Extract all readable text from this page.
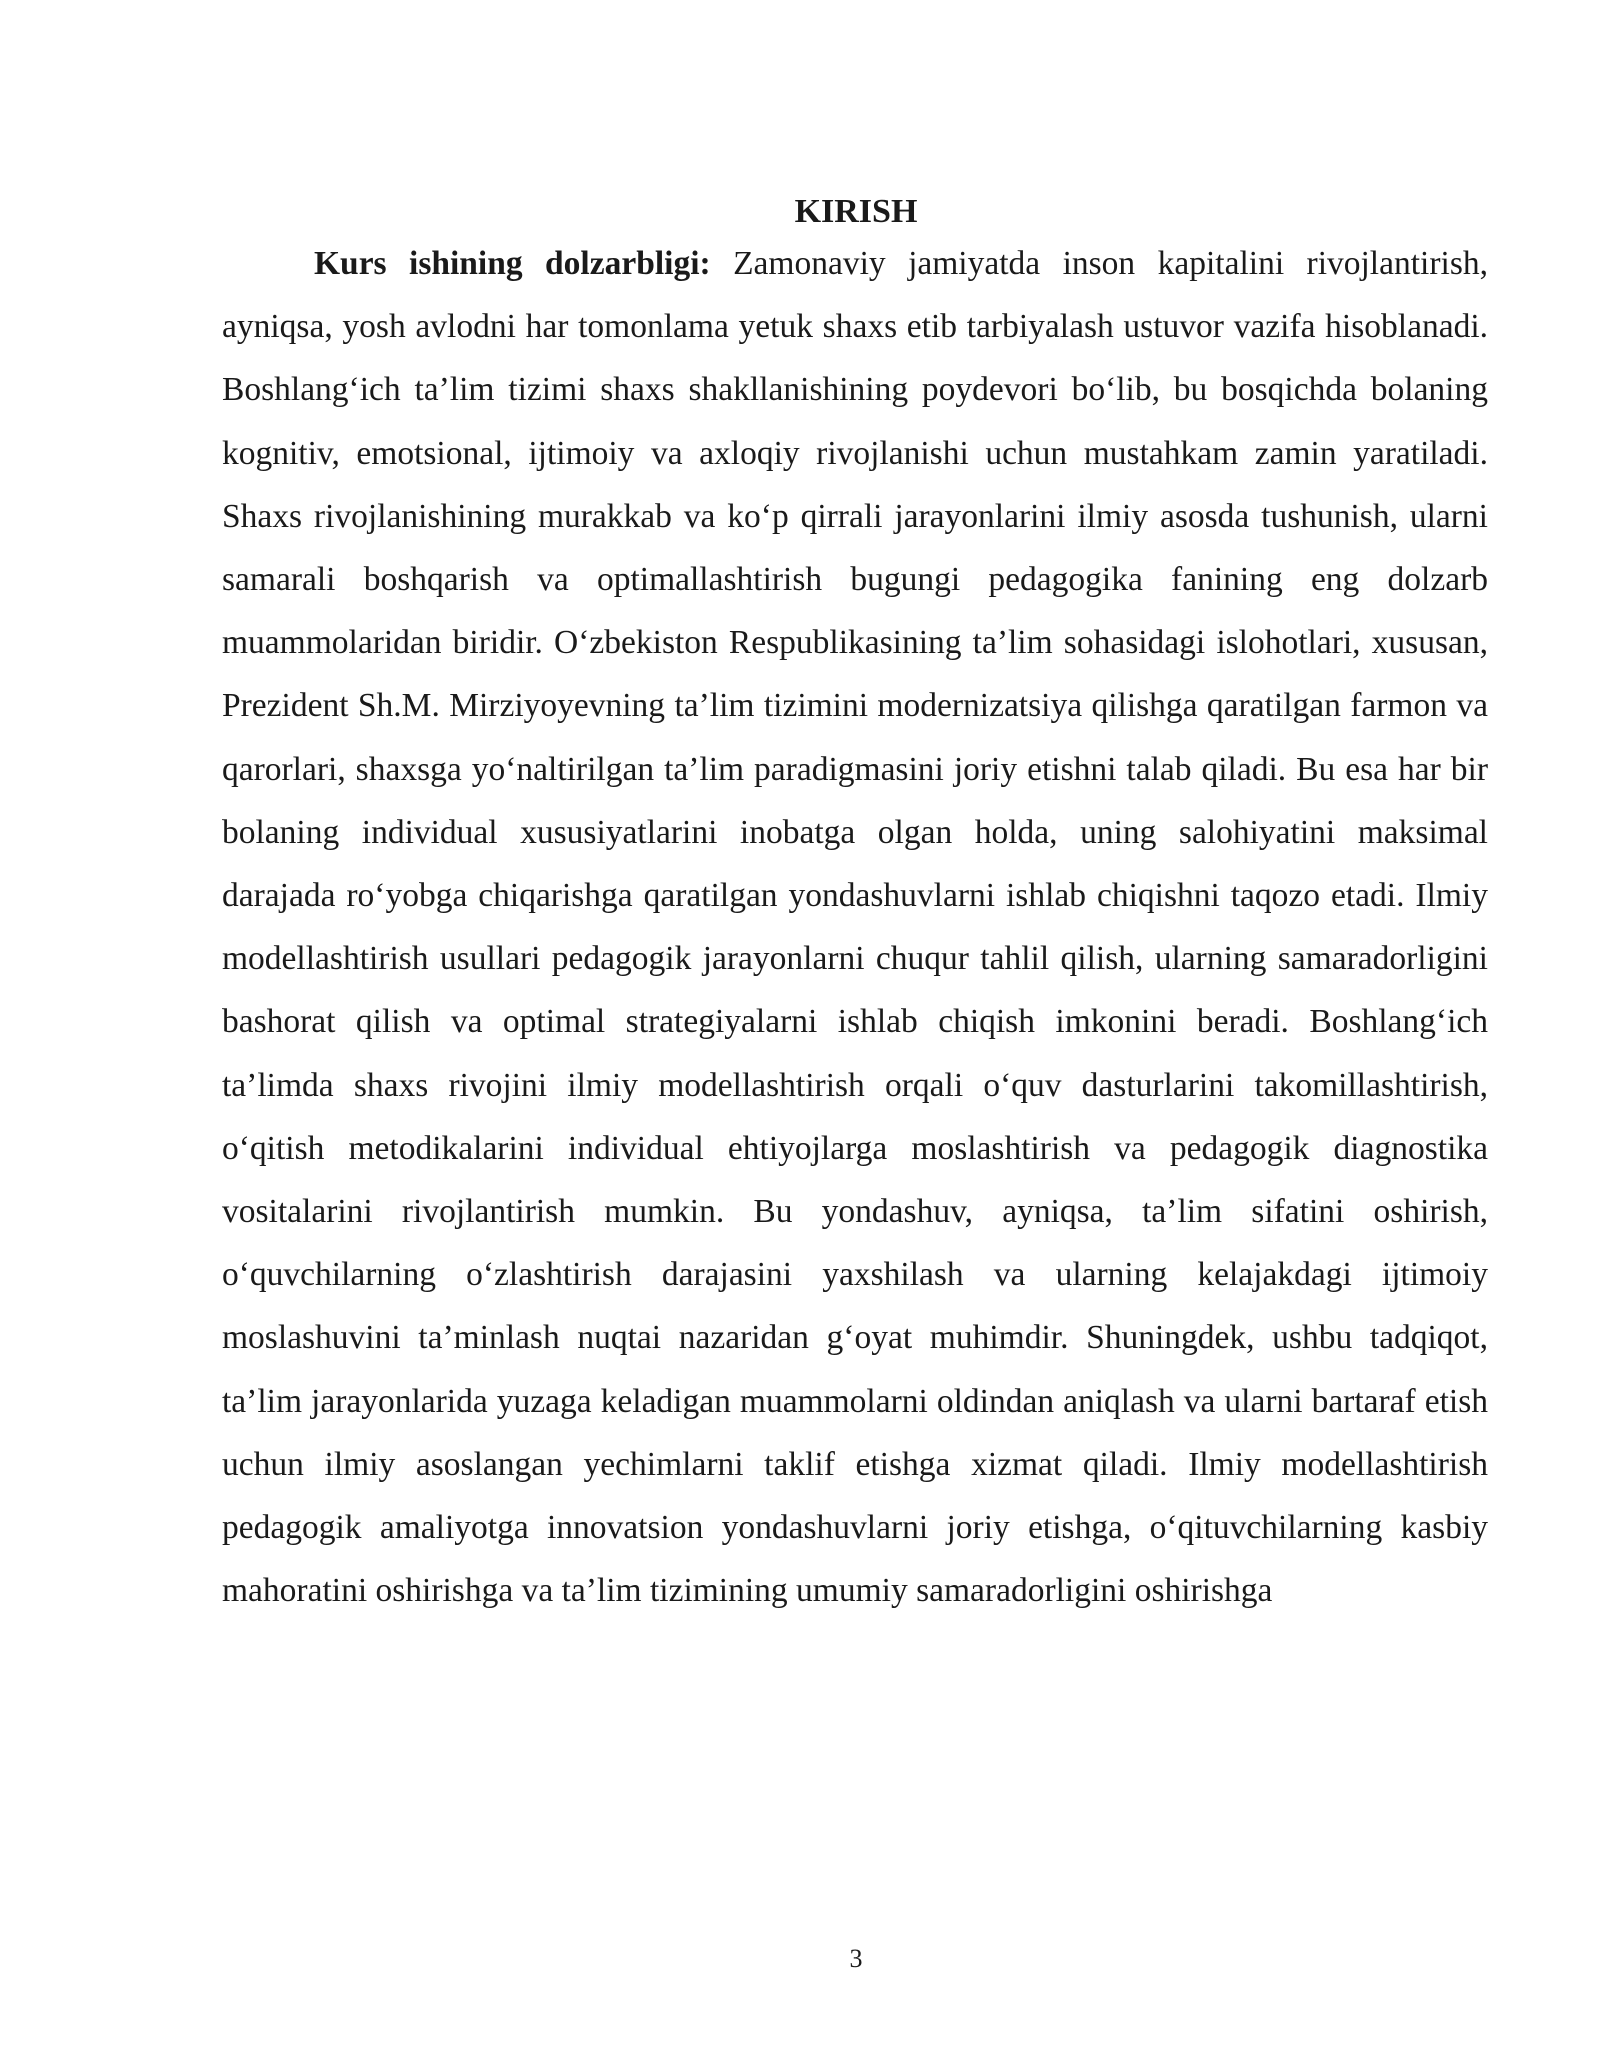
KIRISH

Kurs ishining dolzarbligi: Zamonaviy jamiyatda inson kapitalini rivojlantirish, ayniqsa, yosh avlodni har tomonlama yetuk shaxs etib tarbiyalash ustuvor vazifa hisoblanadi. Boshlang‘ich ta’lim tizimi shaxs shakllanishining poydevori bo‘lib, bu bosqichda bolaning kognitiv, emotsional, ijtimoiy va axloqiy rivojlanishi uchun mustahkam zamin yaratiladi. Shaxs rivojlanishining murakkab va ko‘p qirrali jarayonlarini ilmiy asosda tushunish, ularni samarali boshqarish va optimallashtirish bugungi pedagogika fanining eng dolzarb muammolaridan biridir. O‘zbekiston Respublikasining ta’lim sohasidagi islohotlari, xususan, Prezident Sh.M. Mirziyoyevning ta’lim tizimini modernizatsiya qilishga qaratilgan farmon va qarorlari, shaxsga yo‘naltirilgan ta’lim paradigmasini joriy etishni talab qiladi. Bu esa har bir bolaning individual xususiyatlarini inobatga olgan holda, uning salohiyatini maksimal darajada ro‘yobga chiqarishga qaratilgan yondashuvlarni ishlab chiqishni taqozo etadi. Ilmiy modellashtirish usullari pedagogik jarayonlarni chuqur tahlil qilish, ularning samaradorligini bashorat qilish va optimal strategiyalarni ishlab chiqish imkonini beradi. Boshlang‘ich ta’limda shaxs rivojini ilmiy modellashtirish orqali o‘quv dasturlarini takomillashtirish, o‘qitish metodikalarini individual ehtiyojlarga moslashtirish va pedagogik diagnostika vositalarini rivojlantirish mumkin. Bu yondashuv, ayniqsa, ta’lim sifatini oshirish, o‘quvchilarning o‘zlashtirish darajasini yaxshilash va ularning kelajakdagi ijtimoiy moslashuvini ta’minlash nuqtai nazaridan g‘oyat muhimdir. Shuningdek, ushbu tadqiqot, ta’lim jarayonlarida yuzaga keladigan muammolarni oldindan aniqlash va ularni bartaraf etish uchun ilmiy asoslangan yechimlarni taklif etishga xizmat qiladi. Ilmiy modellashtirish pedagogik amaliyotga innovatsion yondashuvlarni joriy etishga, o‘qituvchilarning kasbiy mahoratini oshirishga va ta’lim tizimining umumiy samaradorligini oshirishga

3
